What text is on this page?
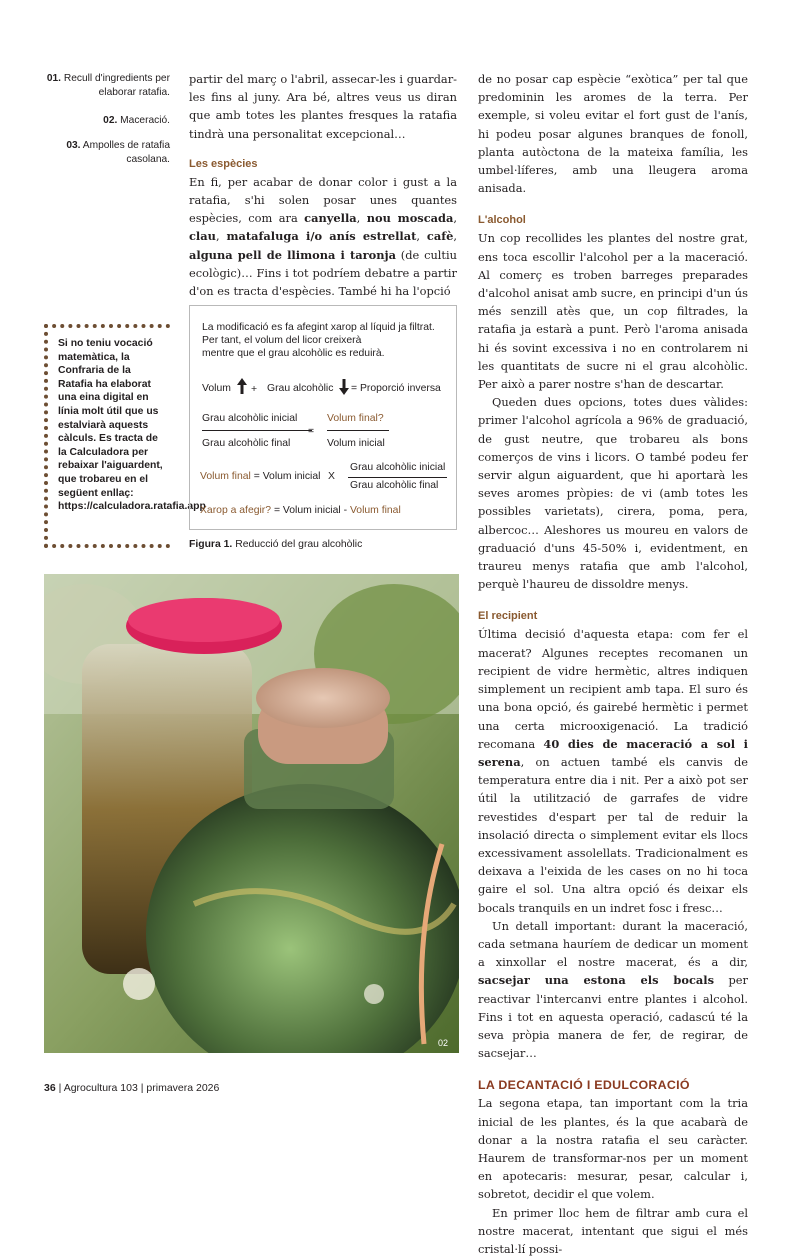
01. Recull d'ingredients per
elaborar ratafia.
02. Maceració.
03. Ampolles de ratafia
casolana.
Si no teniu vocació matemàtica, la Confraria de la Ratafia ha elaborat una eina digital en línia molt útil que us estalviarà aquests càlculs. Es tracta de la Calculadora per rebaixar l'aiguardent, que trobareu en el següent enllaç: https://calculadora.ratafia.app

partir del març o l'abril, assecar-les i guardar-les fins al juny. Ara bé, altres veus us diran que amb totes les plantes fresques la ratafia tindrà una personalitat excepcional…

Les espècies

En fi, per acabar de donar color i gust a la ratafia, s'hi solen posar unes quantes espècies, com ara canyella, nou moscada, clau, matafaluga i/o anís estrellat, cafè, alguna pell de llimona i taronja (de cultiu ecològic)… Fins i tot podríem debatre a partir d'on es tracta d'espècies. També hi ha l'opció

La modificació es fa afegint xarop al líquid ja filtrat.
Per tant, el volum del licor creixerà
mentre que el grau alcohòlic es reduirà.
Volum + Grau alcohòlic = Proporció inversa
Grau alcohòlic inicial
Grau alcohòlic final
=
Volum final?
Volum inicial
Volum final = Volum inicial X
Grau alcohòlic inicial
Grau alcohòlic final
Xarop a afegir? = Volum inicial - Volum final
Figura 1. Reducció del grau alcohòlic
02

de no posar cap espècie “exòtica” per tal que predominin les aromes de la terra. Per exemple, si voleu evitar el fort gust de l'anís, hi podeu posar algunes branques de fonoll, planta autòctona de la mateixa família, les umbel·líferes, amb una lleugera aroma anisada.

L'alcohol

Un cop recollides les plantes del nostre grat, ens toca escollir l'alcohol per a la maceració. Al comerç es troben barreges preparades d'alcohol anisat amb sucre, en principi d'un ús més senzill atès que, un cop filtrades, la ratafia ja estarà a punt. Però l'aroma anisada hi és sovint excessiva i no en controlarem ni les quantitats de sucre ni el grau alcohòlic. Per això a parer nostre s'han de descartar.

Queden dues opcions, totes dues vàlides: primer l'alcohol agrícola a 96% de graduació, de gust neutre, que trobareu als bons comerços de vins i licors. O també podeu fer servir algun aiguardent, que hi aportarà les seves aromes pròpies: de vi (amb totes les possibles varietats), cirera, poma, pera, albercoc… Aleshores us moureu en valors de graduació d'uns 45-50% i, evidentment, en traureu menys ratafia que amb l'alcohol, perquè l'haureu de dissoldre menys.

El recipient

Última decisió d'aquesta etapa: com fer el macerat? Algunes receptes recomanen un recipient de vidre hermètic, altres indiquen simplement un recipient amb tapa. El suro és una bona opció, és gairebé hermètic i permet una certa microoxigenació. La tradició recomana 40 dies de maceració a sol i serena, on actuen també els canvis de temperatura entre dia i nit. Per a això pot ser útil la utilització de garrafes de vidre revestides d'espart per tal de reduir la insolació directa o simplement evitar els llocs excessivament assolellats. Tradicionalment es deixava a l'eixida de les cases on no hi toca gaire el sol. Una altra opció és deixar els bocals tranquils en un indret fosc i fresc…

Un detall important: durant la maceració, cada setmana hauríem de dedicar un moment a xinxollar el nostre macerat, és a dir, sacsejar una estona els bocals per reactivar l'intercanvi entre plantes i alcohol. Fins i tot en aquesta operació, cadascú té la seva pròpia manera de fer, de regirar, de sacsejar…

LA DECANTACIÓ I EDULCORACIÓ

La segona etapa, tan important com la tria inicial de les plantes, és la que acabarà de donar a la nostra ratafia el seu caràcter. Haurem de transformar-nos per un moment en apotecaris: mesurar, pesar, calcular i, sobretot, decidir el que volem.

En primer lloc hem de filtrar amb cura el nostre macerat, intentant que sigui el més cristal·lí possi-

36 | Agrocultura 103 | primavera 2026
